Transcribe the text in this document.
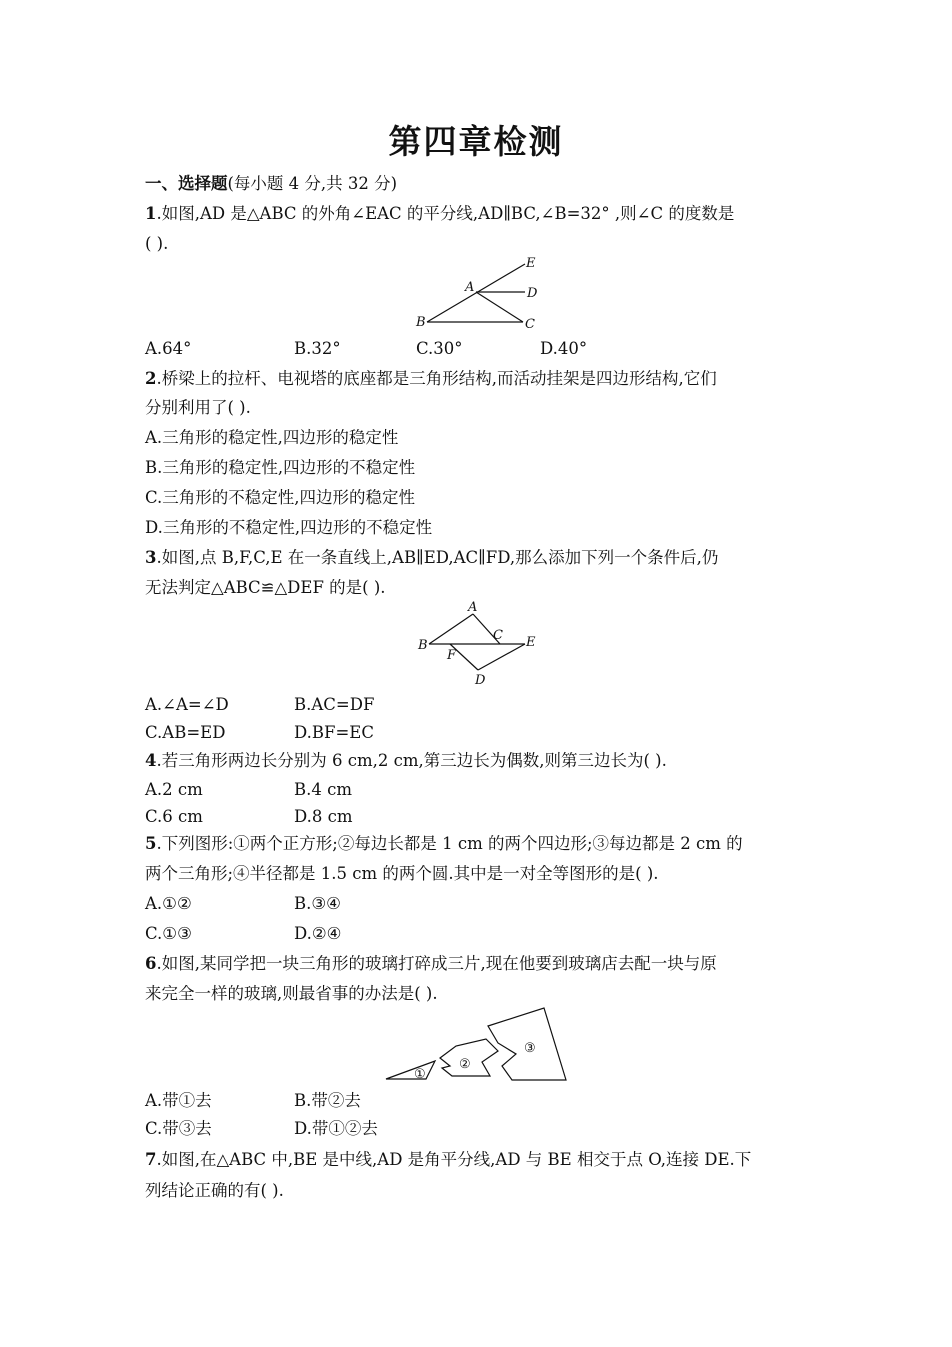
第四章检测
一、选择题(每小题 4 分,共 32 分)
1.如图,AD 是△ABC 的外角∠EAC 的平分线,AD∥BC,∠B=32° ,则∠C 的度数是
( ).
E
A	D
B	C
A.64°	B.32°	C.30°	D.40°
2.桥梁上的拉杆、电视塔的底座都是三角形结构,而活动挂架是四边形结构,它们
分别利用了( ).
A.三角形的稳定性,四边形的稳定性
B.三角形的稳定性,四边形的不稳定性
C.三角形的不稳定性,四边形的稳定性
D.三角形的不稳定性,四边形的不稳定性
3.如图,点 B,F,C,E 在一条直线上,AB∥ED,AC∥FD,那么添加下列一个条件后,仍
无法判定△ABC≌△DEF 的是( ).
A
B
C E
F
D
A.∠A=∠D	B.AC=DF
C.AB=ED	D.BF=EC
4.若三角形两边长分别为 6 cm,2 cm,第三边长为偶数,则第三边长为( ).
A.2 cm	B.4 cm
C.6 cm	D.8 cm
5.下列图形:①两个正方形;②每边长都是 1 cm 的两个四边形;③每边都是 2 cm 的
两个三角形;④半径都是 1.5 cm 的两个圆.其中是一对全等图形的是( ).
A.①②	B.③④
C.①③	D.②④
6.如图,某同学把一块三角形的玻璃打碎成三片,现在他要到玻璃店去配一块与原
来完全一样的玻璃,则最省事的办法是( ).
①
②
③
A.带①去	B.带②去
C.带③去	D.带①②去
7.如图,在△ABC 中,BE 是中线,AD 是角平分线,AD 与 BE 相交于点 O,连接 DE.下
列结论正确的有( ).
